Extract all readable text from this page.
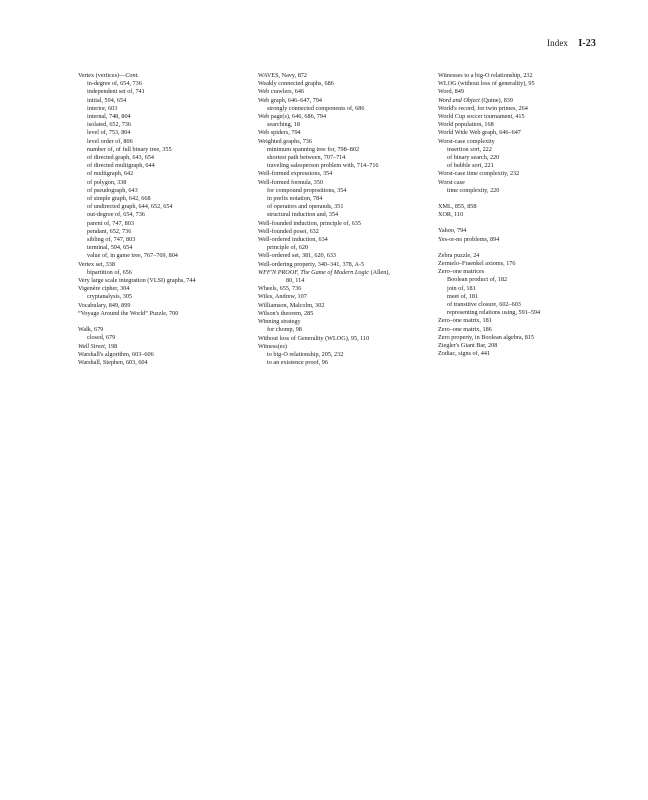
Index I-23
Vertex (vertices)—Cont.
in-degree of, 654, 736
independent set of, 741
initial, 594, 654
interior, 603
internal, 748, 804
isolated, 652, 736
level of, 753, 804
level order of, 806
number of, of full binary tree, 355
of directed graph, 643, 654
of directed multigraph, 644
of multigraph, 642
of polygon, 338
of pseudograph, 643
of simple graph, 642, 668
of undirected graph, 644, 652, 654
out-degree of, 654, 736
parent of, 747, 803
pendant, 652, 736
sibling of, 747, 803
terminal, 594, 654
value of, in game tree, 767–769, 804
Vertex set, 338
bipartition of, 656
Very large scale integration (VLSI) graphs, 744
Vigenère cipher, 304
cryptanalysis, 305
Vocabulary, 849, 899
“Voyage Around the World” Puzzle, 700
Walk, 679
closed, 679
Wall Street, 198
Warshall's algorithm, 603–606
Warshall, Stephen, 603, 604
WAVES, Navy, 872
Weakly connected graphs, 686
Web crawlers, 646
Web graph, 646–647, 794
strongly connected components of, 686
Web page(s), 646, 686, 794
searching, 18
Web spiders, 794
Weighted graphs, 736
minimum spanning tree for, 798–802
shortest path between, 707–714
traveling salesperson problem with, 714–716
Well-formed expressions, 354
Well-formed formula, 350
for compound propositions, 354
in prefix notation, 784
of operators and operands, 351
structural induction and, 354
Well-founded induction, principle of, 635
Well-founded poset, 632
Well-ordered induction, 634
principle of, 620
Well-ordered set, 381, 620, 633
Well-ordering property, 340–341, 378, A-5
WFF'N PROOF, The Game of Modern Logic (Allen),
80, 114
Wheels, 655, 736
Wiles, Andrew, 107
Williamson, Malcolm, 302
Wilson's theorem, 285
Winning strategy
for chomp, 98
Without loss of Generality (WLOG), 95, 110
Witness(es)
to big-O relationship, 205, 232
to an existence proof, 96
Witnesses to a big-O relationship, 232
WLOG (without loss of generality), 95
Word, 849
Word and Object (Quine), 839
World's record, for twin primes, 264
World Cup soccer tournament, 415
World population, 168
World Wide Web graph, 646–647
Worst-case complexity
insertion sort, 222
of binary search, 220
of bubble sort, 221
Worst-case time complexity, 232
Worst case
time complexity, 220
XML, 855, 858
XOR, 110
Yahoo, 794
Yes-or-no problems, 894
Zebra puzzle, 24
Zermelo–Fraenkel axioms, 176
Zero–one matrices
Boolean product of, 182
join of, 181
meet of, 181
of transitive closure, 602–603
representing relations using, 591–594
Zero–one matrix, 181
Zero–one matrix, 186
Zero property, in Boolean algebra, 815
Ziegler's Giant Bar, 208
Zodiac, signs of, 441
